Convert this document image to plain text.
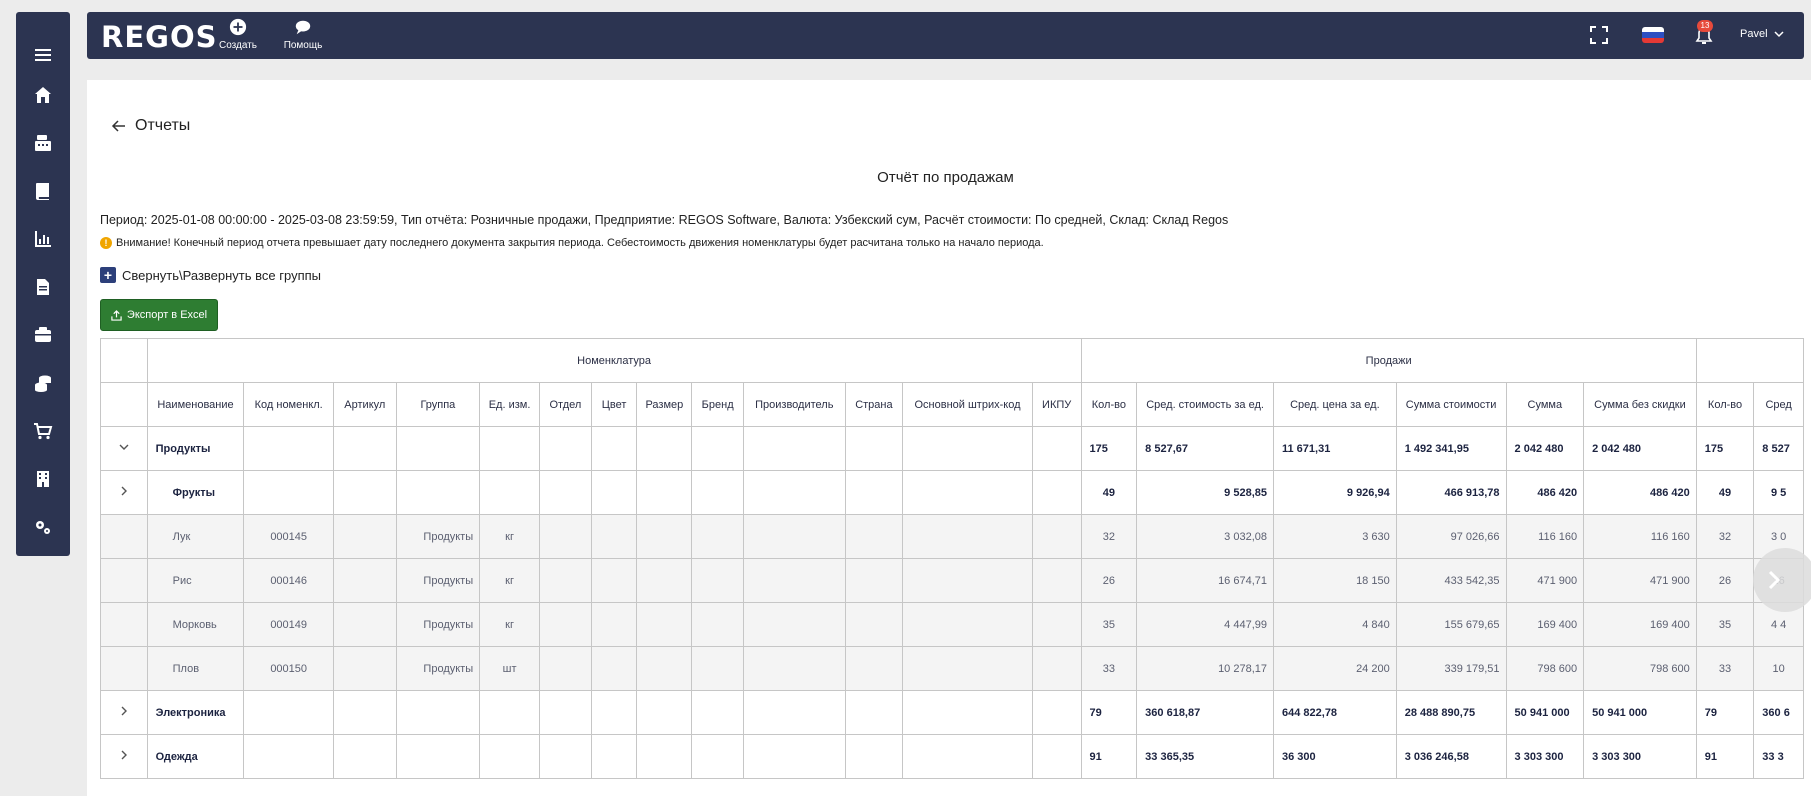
REGOS Создать	Помощь
13
Pavel
Отчеты
Отчёт по продажам
Период: 2025-01-08 00:00:00 - 2025-03-08 23:59:59, Тип отчёта: Розничные продажи, Предприятие: REGOS Software, Валюта: Узбекский сум, Расчёт стоимости: По средней, Склад: Склад Regos
! Внимание! Конечный период отчета превышает дату последнего документа закрытия периода. Себестоимость движения номенклатуры будет расчитана только на начало периода.
+ Свернуть\Развернуть все группы
Экспорт в Excel
	Номенклатура													Продажи							
	Наименование	Код номенкл.	Артикул	Группа	Ед. изм.	Отдел	Цвет	Размер	Бренд	Производитель	Страна	Основной штрих-код	ИКПУ	Кол-во	Сред. стоимость за ед.	Сред. цена за ед.	Сумма стоимости	Сумма	Сумма без скидки	Кол-во	Сред
	Продукты													175	8 527,67	11 671,31	1 492 341,95	2 042 480	2 042 480	175	8 527
	Фрукты													49	9 528,85	9 926,94	466 913,78	486 420	486 420	49	9 5
	Лук	000145		Продукты	кг									32	3 032,08	3 630	97 026,66	116 160	116 160	32	3 0
	Рис	000146		Продукты	кг									26	16 674,71	18 150	433 542,35	471 900	471 900	26	
	Морковь	000149		Продукты	кг									35	4 447,99	4 840	155 679,65	169 400	169 400	35	4 4
	Плов	000150		Продукты	шт									33	10 278,17	24 200	339 179,51	798 600	798 600	33	10
	Электроника													79	360 618,87	644 822,78	28 488 890,75	50 941 000	50 941 000	79	360 6
	Одежда													91	33 365,35	36 300	3 036 246,58	3 303 300	3 303 300	91	33 3
